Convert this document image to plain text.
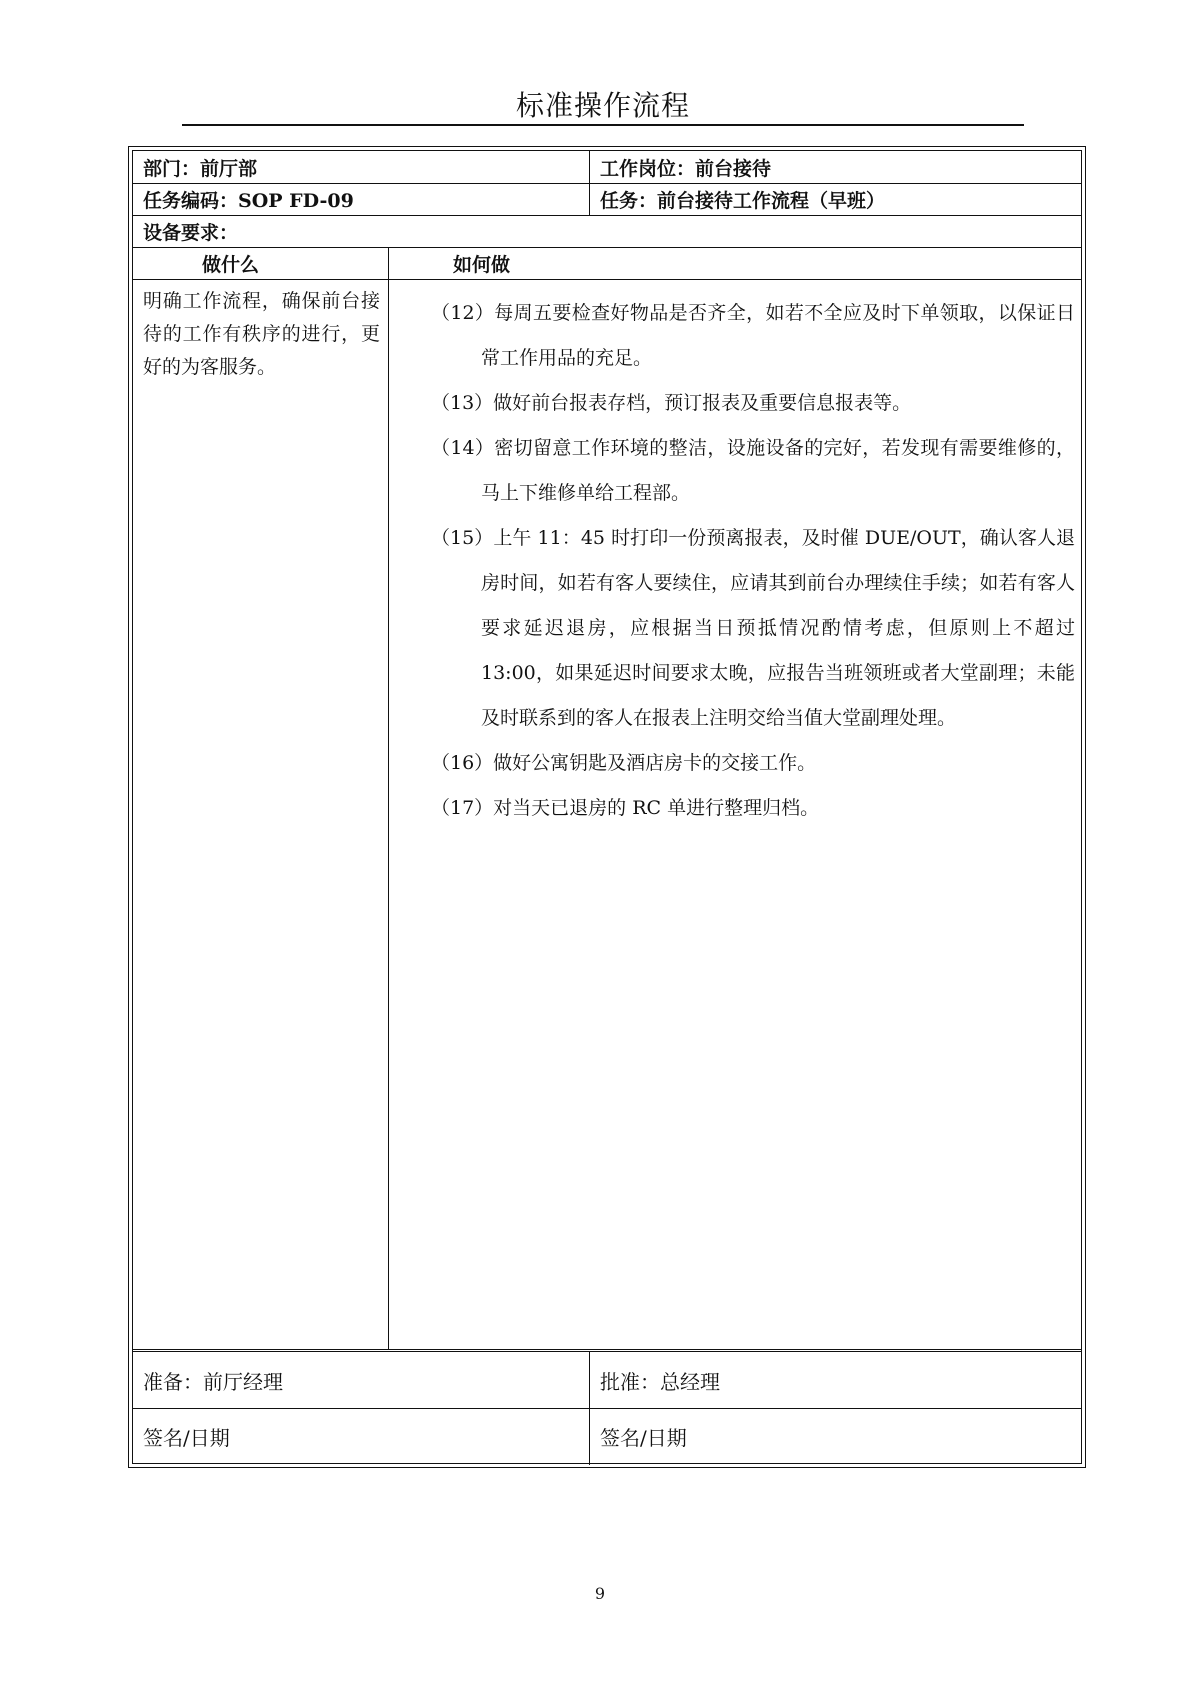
标准操作流程
部门：前厅部	工作岗位：前台接待
任务编码：SOP FD-09	任务：前台接待工作流程（早班）
设备要求：
做什么	如何做
明确工作流程，确保前台接待的工作有秩序的进行，更好的为客服务。

（12）每周五要检查好物品是否齐全，如若不全应及时下单领取，以保证日常工作用品的充足。

（13）做好前台报表存档，预订报表及重要信息报表等。

（14）密切留意工作环境的整洁，设施设备的完好，若发现有需要维修的，马上下维修单给工程部。

（15）上午 11：45 时打印一份预离报表，及时催 DUE/OUT，确认客人退房时间，如若有客人要续住，应请其到前台办理续住手续；如若有客人要求延迟退房，应根据当日预抵情况酌情考虑，但原则上不超过 13:00，如果延迟时间要求太晚，应报告当班领班或者大堂副理；未能及时联系到的客人在报表上注明交给当值大堂副理处理。

（16）做好公寓钥匙及酒店房卡的交接工作。

（17）对当天已退房的 RC 单进行整理归档。

准备：前厅经理	批准：总经理
签名/日期	签名/日期
9
